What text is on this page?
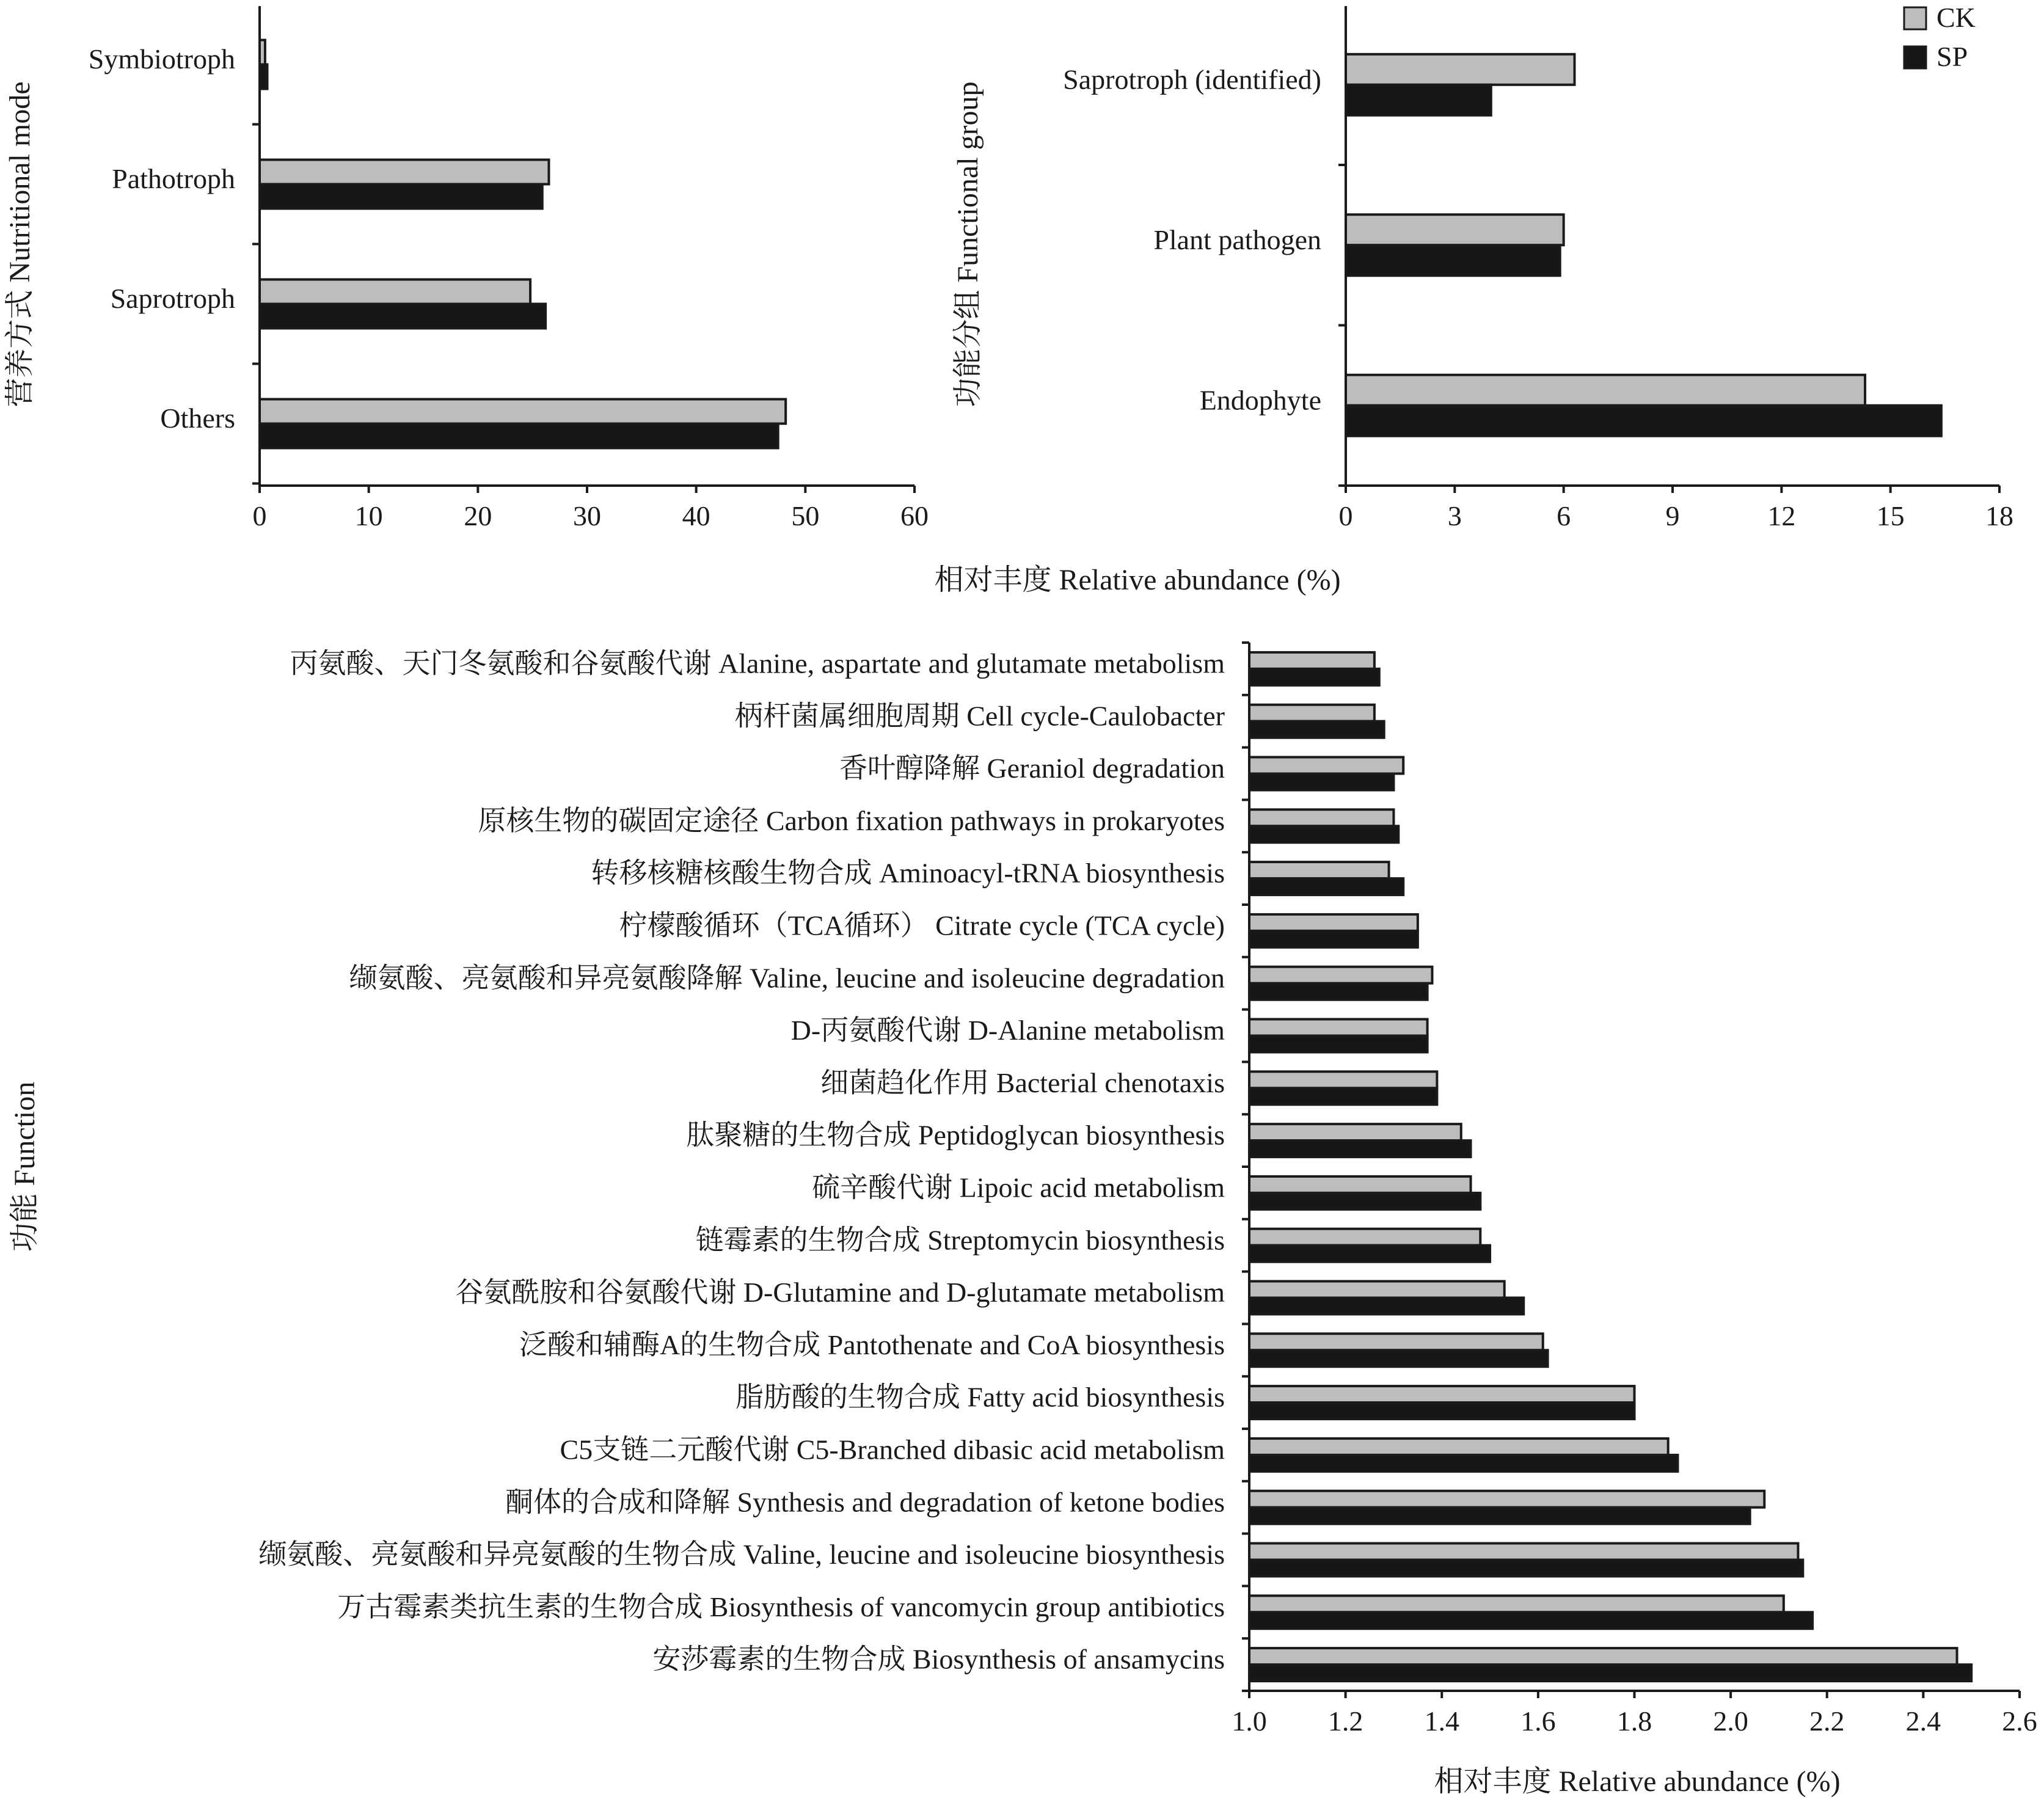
0	10	20	30	40	50	60
Symbiotroph
Pathotroph
Saprotroph
Others
营养方式 Nutritional mode
0	3	6	9	12	15	18
Saprotroph (identified)
Plant pathogen
Endophyte
功能分组 Functional group
CK
SP
相对丰度 Relative abundance (%)
1.0 1.2 1.4 1.6 1.8 2.0 2.2 2.4 2.6
丙氨酸、天门冬氨酸和谷氨酸代谢 Alanine, aspartate and glutamate metabolism
柄杆菌属细胞周期 Cell cycle-Caulobacter
香叶醇降解 Geraniol degradation
原核生物的碳固定途径 Carbon fixation pathways in prokaryotes
转移核糖核酸生物合成 Aminoacyl-tRNA biosynthesis
柠檬酸循环（TCA循环） Citrate cycle (TCA cycle)
缬氨酸、亮氨酸和异亮氨酸降解 Valine, leucine and isoleucine degradation
D-丙氨酸代谢 D-Alanine metabolism
细菌趋化作用 Bacterial chenotaxis
肽聚糖的生物合成 Peptidoglycan biosynthesis
硫辛酸代谢 Lipoic acid metabolism
链霉素的生物合成 Streptomycin biosynthesis
谷氨酰胺和谷氨酸代谢 D-Glutamine and D-glutamate metabolism
泛酸和辅酶A的生物合成 Pantothenate and CoA biosynthesis
脂肪酸的生物合成 Fatty acid biosynthesis
C5支链二元酸代谢 C5-Branched dibasic acid metabolism
酮体的合成和降解 Synthesis and degradation of ketone bodies
缬氨酸、亮氨酸和异亮氨酸的生物合成 Valine, leucine and isoleucine biosynthesis
万古霉素类抗生素的生物合成 Biosynthesis of vancomycin group antibiotics
安莎霉素的生物合成 Biosynthesis of ansamycins
功能 Function
相对丰度 Relative abundance (%)
